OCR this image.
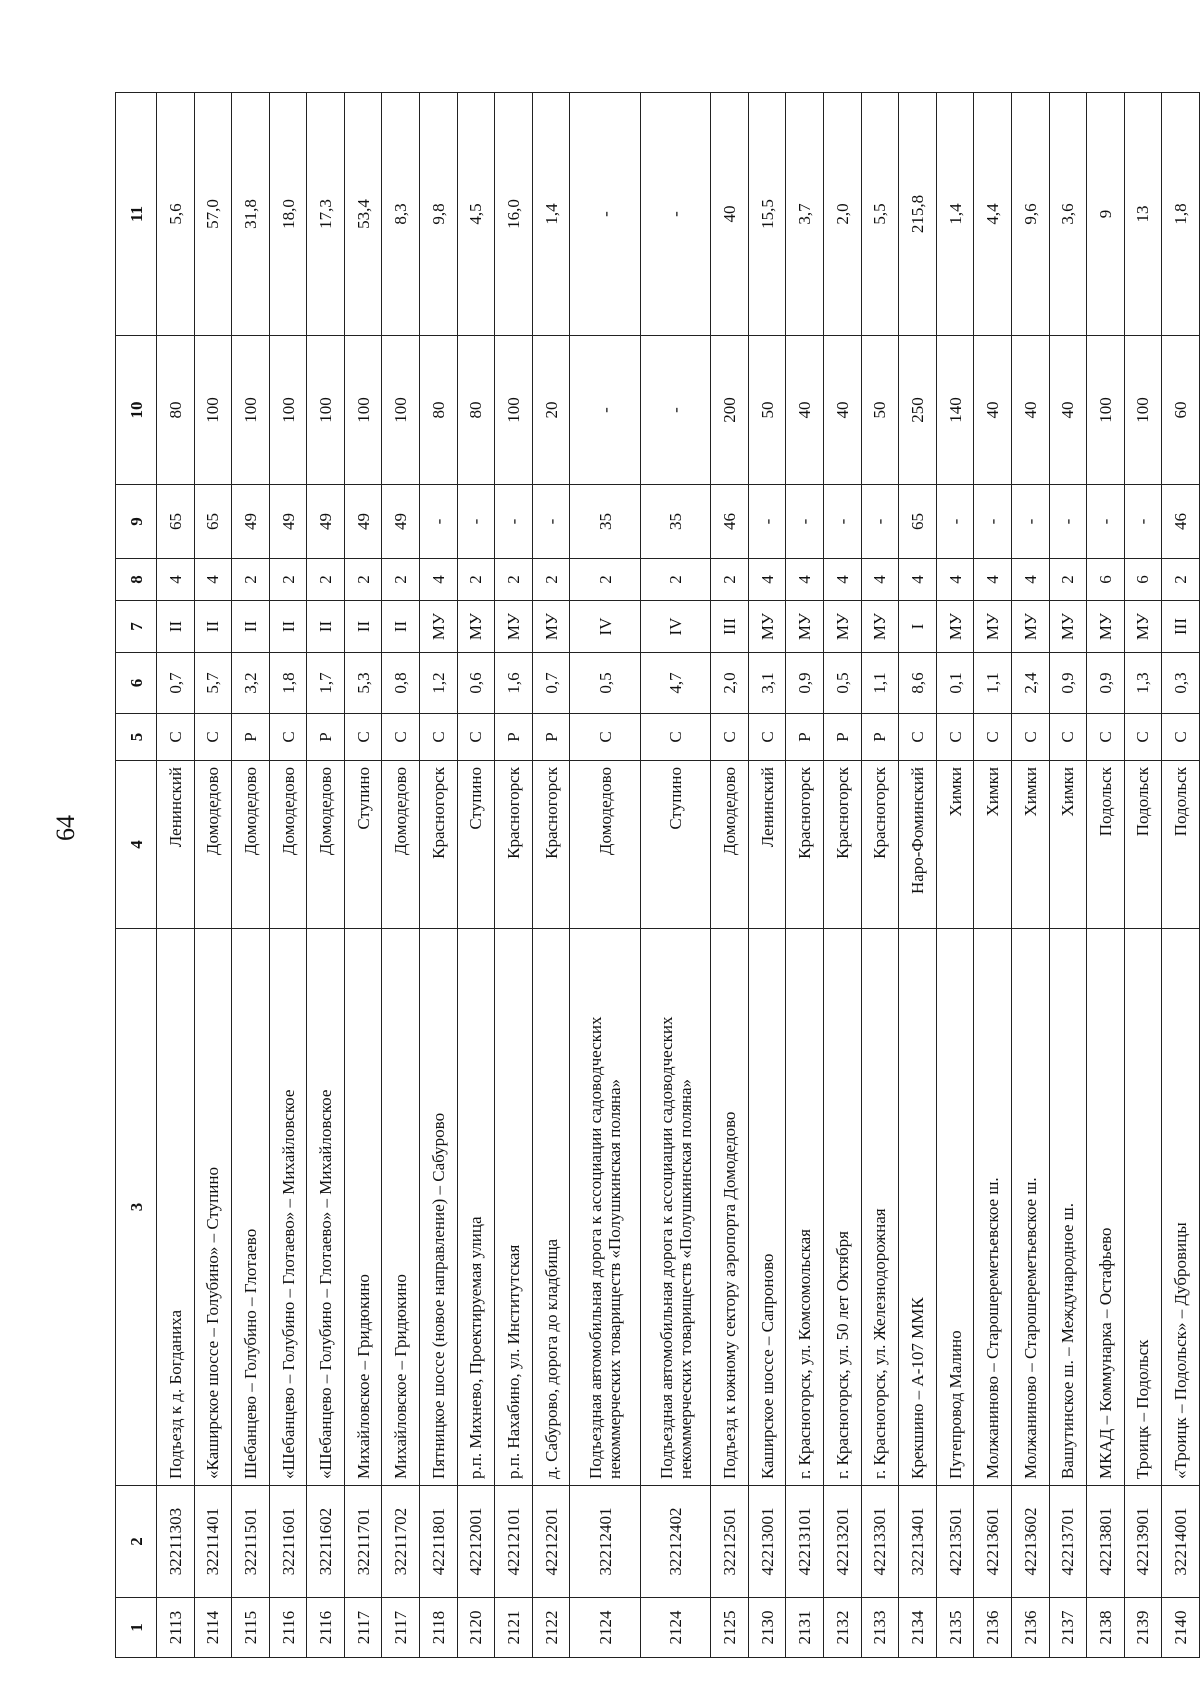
64
1	2	3	4	5	6	7	8	9	10	11
2113	32211303	Подъезд к д. Богданиха	Ленинский	С	0,7	II	4	65	80	5,6
2114	32211401	«Каширское шоссе – Голубино» – Ступино	Домодедово	С	5,7	II	4	65	100	57,0
2115	32211501	Шебанцево – Голубино – Глотаево	Домодедово	Р	3,2	II	2	49	100	31,8
2116	32211601	«Шебанцево – Голубино – Глотаево» – Михайловское	Домодедово	С	1,8	II	2	49	100	18,0
2116	32211602	«Шебанцево – Голубино – Глотаево» – Михайловское	Домодедово	Р	1,7	II	2	49	100	17,3
2117	32211701	Михайловское – Гридюкино	Ступино	С	5,3	II	2	49	100	53,4
2117	32211702	Михайловское – Гридюкино	Домодедово	С	0,8	II	2	49	100	8,3
2118	42211801	Пятницкое шоссе (новое направление) – Сабурово	Красногорск	С	1,2	МУ	4	-	80	9,8
2120	42212001	р.п. Михнево, Проектируемая улица	Ступино	С	0,6	МУ	2	-	80	4,5
2121	42212101	р.п. Нахабино, ул. Институтская	Красногорск	Р	1,6	МУ	2	-	100	16,0
2122	42212201	д. Сабурово, дорога до кладбища	Красногорск	Р	0,7	МУ	2	-	20	1,4
2124	32212401	Подъездная автомобильная дорога к ассоциации садоводческих некоммерческих товариществ «Полушкинская поляна»	Домодедово	С	0,5	IV	2	35	-	-
2124	32212402	Подъездная автомобильная дорога к ассоциации садоводческих некоммерческих товариществ «Полушкинская поляна»	Ступино	С	4,7	IV	2	35	-	-
2125	32212501	Подъезд к южному сектору аэропорта Домодедово	Домодедово	С	2,0	III	2	46	200	40
2130	42213001	Каширское шоссе – Сапроново	Ленинский	С	3,1	МУ	4	-	50	15,5
2131	42213101	г. Красногорск, ул. Комсомольская	Красногорск	Р	0,9	МУ	4	-	40	3,7
2132	42213201	г. Красногорск, ул. 50 лет Октября	Красногорск	Р	0,5	МУ	4	-	40	2,0
2133	42213301	г. Красногорск, ул. Железнодорожная	Красногорск	Р	1,1	МУ	4	-	50	5,5
2134	32213401	Крекшино – А-107 ММК	Наро-Фоминский	С	8,6	I	4	65	250	215,8
2135	42213501	Путепровод Малино	Химки	С	0,1	МУ	4	-	140	1,4
2136	42213601	Молжаниново – Старошереметьевское ш.	Химки	С	1,1	МУ	4	-	40	4,4
2136	42213602	Молжаниново – Старошереметьевское ш.	Химки	С	2,4	МУ	4	-	40	9,6
2137	42213701	Вашутинское ш. – Международное ш.	Химки	С	0,9	МУ	2	-	40	3,6
2138	42213801	МКАД – Коммунарка – Остафьево	Подольск	С	0,9	МУ	6	-	100	9
2139	42213901	Троицк – Подольск	Подольск	С	1,3	МУ	6	-	100	13
2140	32214001	«Троицк – Подольск» – Дубровицы	Подольск	С	0,3	III	2	46	60	1,8
